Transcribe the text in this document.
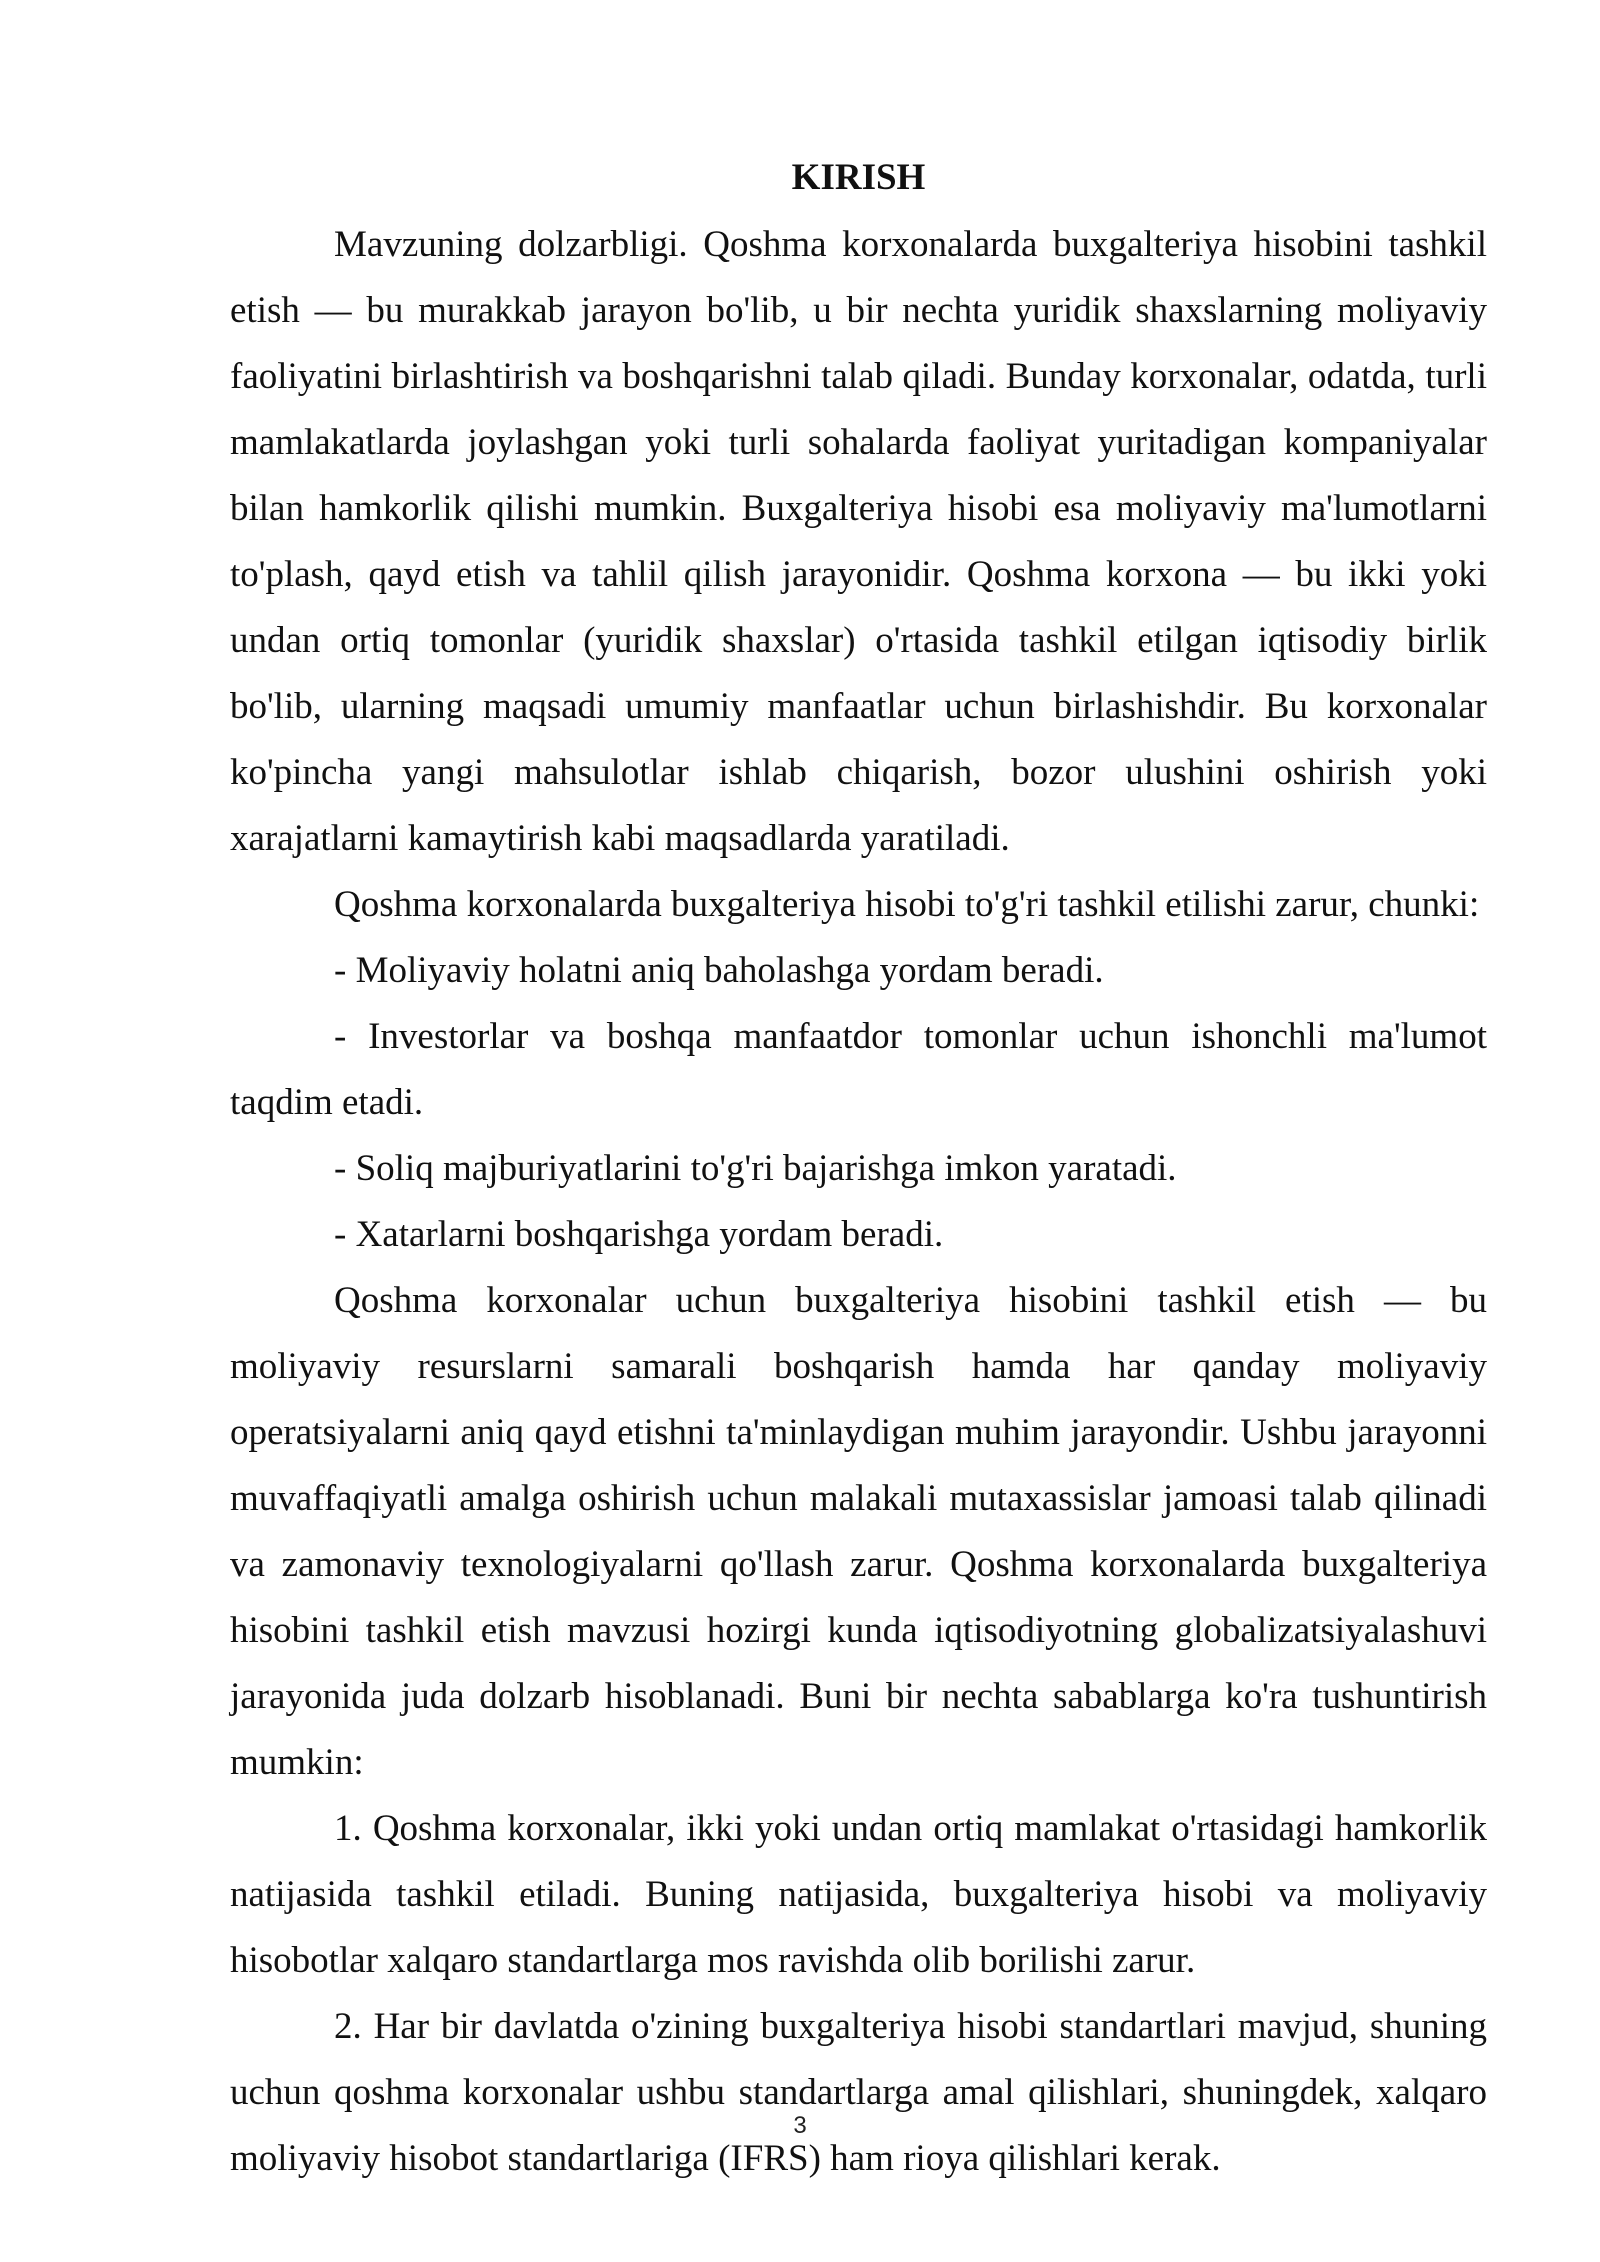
KIRISH

Mavzuning dolzarbligi. Qoshma korxonalarda buxgalteriya hisobini tashkil etish — bu murakkab jarayon bo'lib, u bir nechta yuridik shaxslarning moliyaviy faoliyatini birlashtirish va boshqarishni talab qiladi. Bunday korxonalar, odatda, turli mamlakatlarda joylashgan yoki turli sohalarda faoliyat yuritadigan kompaniyalar bilan hamkorlik qilishi mumkin. Buxgalteriya hisobi esa moliyaviy ma'lumotlarni to'plash, qayd etish va tahlil qilish jarayonidir. Qoshma korxona — bu ikki yoki undan ortiq tomonlar (yuridik shaxslar) o'rtasida tashkil etilgan iqtisodiy birlik bo'lib, ularning maqsadi umumiy manfaatlar uchun birlashishdir. Bu korxonalar ko'pincha yangi mahsulotlar ishlab chiqarish, bozor ulushini oshirish yoki xarajatlarni kamaytirish kabi maqsadlarda yaratiladi.

Qoshma korxonalarda buxgalteriya hisobi to'g'ri tashkil etilishi zarur, chunki:

- Moliyaviy holatni aniq baholashga yordam beradi.

- Investorlar va boshqa manfaatdor tomonlar uchun ishonchli ma'lumot taqdim etadi.

- Soliq majburiyatlarini to'g'ri bajarishga imkon yaratadi.

- Xatarlarni boshqarishga yordam beradi.

Qoshma korxonalar uchun buxgalteriya hisobini tashkil etish — bu moliyaviy resurslarni samarali boshqarish hamda har qanday moliyaviy operatsiyalarni aniq qayd etishni ta'minlaydigan muhim jarayondir. Ushbu jarayonni muvaffaqiyatli amalga oshirish uchun malakali mutaxassislar jamoasi talab qilinadi va zamonaviy texnologiyalarni qo'llash zarur. Qoshma korxonalarda buxgalteriya hisobini tashkil etish mavzusi hozirgi kunda iqtisodiyotning globalizatsiyalashuvi jarayonida juda dolzarb hisoblanadi. Buni bir nechta sabablarga ko'ra tushuntirish mumkin:

1. Qoshma korxonalar, ikki yoki undan ortiq mamlakat o'rtasidagi hamkorlik natijasida tashkil etiladi. Buning natijasida, buxgalteriya hisobi va moliyaviy hisobotlar xalqaro standartlarga mos ravishda olib borilishi zarur.

2. Har bir davlatda o'zining buxgalteriya hisobi standartlari mavjud, shuning uchun qoshma korxonalar ushbu standartlarga amal qilishlari, shuningdek, xalqaro moliyaviy hisobot standartlariga (IFRS) ham rioya qilishlari kerak.

3
